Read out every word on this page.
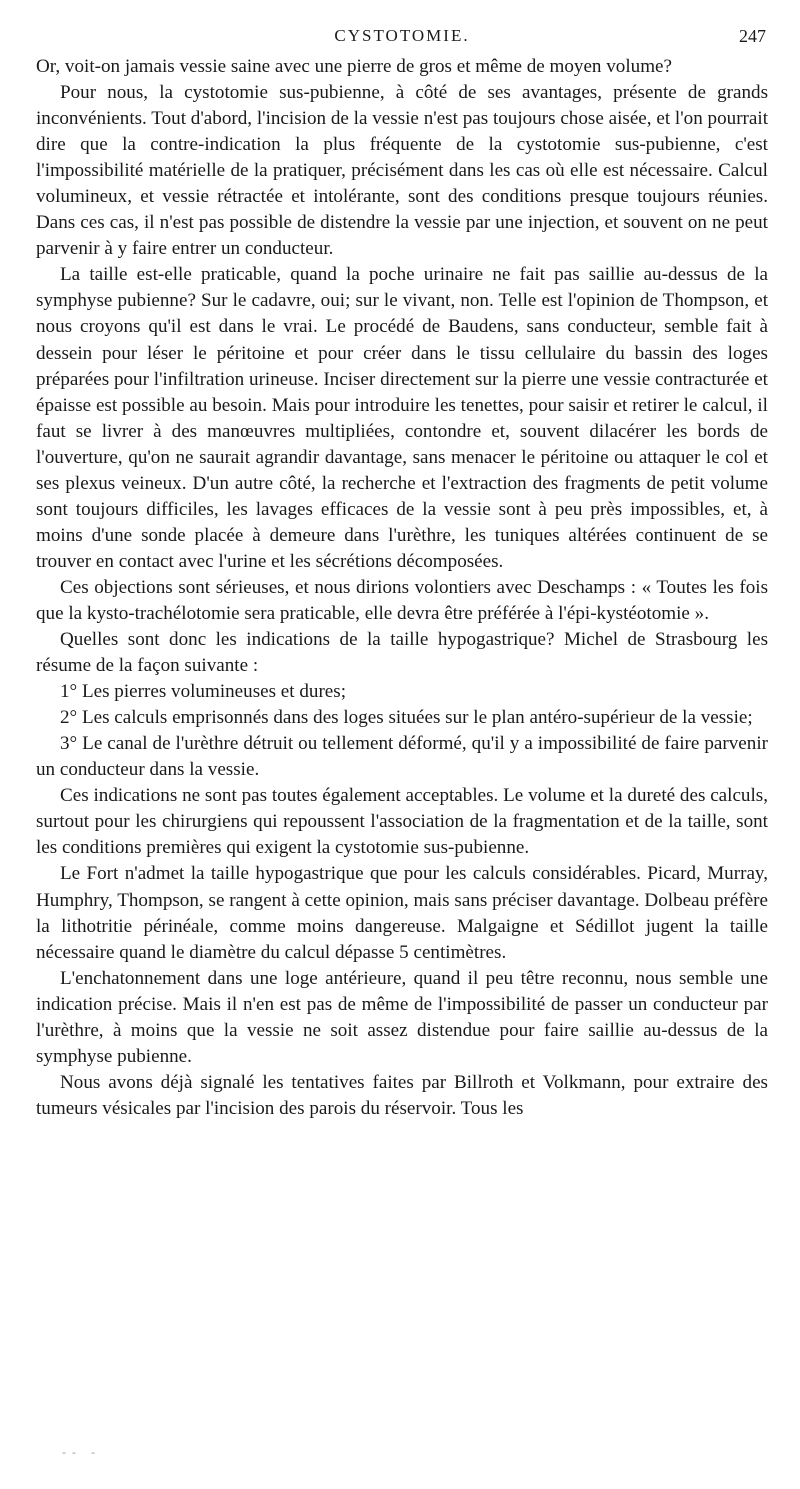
CYSTOTOMIE.	247

Or, voit-on jamais vessie saine avec une pierre de gros et même de moyen volume?

Pour nous, la cystotomie sus-pubienne, à côté de ses avantages, présente de grands inconvénients. Tout d'abord, l'incision de la vessie n'est pas toujours chose aisée, et l'on pourrait dire que la contre-indication la plus fréquente de la cystotomie sus-pubienne, c'est l'impossibilité matérielle de la pratiquer, précisément dans les cas où elle est nécessaire. Calcul volumineux, et vessie rétractée et intolérante, sont des conditions presque toujours réunies. Dans ces cas, il n'est pas possible de distendre la vessie par une injection, et souvent on ne peut parvenir à y faire entrer un conducteur.

La taille est-elle praticable, quand la poche urinaire ne fait pas saillie au-dessus de la symphyse pubienne? Sur le cadavre, oui; sur le vivant, non. Telle est l'opinion de Thompson, et nous croyons qu'il est dans le vrai. Le procédé de Baudens, sans conducteur, semble fait à dessein pour léser le péritoine et pour créer dans le tissu cellulaire du bassin des loges préparées pour l'infiltration urineuse. Inciser directement sur la pierre une vessie contracturée et épaisse est possible au besoin. Mais pour introduire les tenettes, pour saisir et retirer le calcul, il faut se livrer à des manœuvres multipliées, contondre et, souvent dilacérer les bords de l'ouverture, qu'on ne saurait agrandir davantage, sans menacer le péritoine ou attaquer le col et ses plexus veineux. D'un autre côté, la recherche et l'extraction des fragments de petit volume sont toujours difficiles, les lavages efficaces de la vessie sont à peu près impossibles, et, à moins d'une sonde placée à demeure dans l'urèthre, les tuniques altérées continuent de se trouver en contact avec l'urine et les sécrétions décomposées.

Ces objections sont sérieuses, et nous dirions volontiers avec Deschamps : « Toutes les fois que la kysto-trachélotomie sera praticable, elle devra être préférée à l'épi-kystéotomie ».

Quelles sont donc les indications de la taille hypogastrique? Michel de Strasbourg les résume de la façon suivante :

1° Les pierres volumineuses et dures;

2° Les calculs emprisonnés dans des loges situées sur le plan antéro-supérieur de la vessie;

3° Le canal de l'urèthre détruit ou tellement déformé, qu'il y a impossibilité de faire parvenir un conducteur dans la vessie.

Ces indications ne sont pas toutes également acceptables. Le volume et la dureté des calculs, surtout pour les chirurgiens qui repoussent l'association de la fragmentation et de la taille, sont les conditions premières qui exigent la cystotomie sus-pubienne.

Le Fort n'admet la taille hypogastrique que pour les calculs considérables. Picard, Murray, Humphry, Thompson, se rangent à cette opinion, mais sans préciser davantage. Dolbeau préfère la lithotritie périnéale, comme moins dangereuse. Malgaigne et Sédillot jugent la taille nécessaire quand le diamètre du calcul dépasse 5 centimètres.

L'enchatonnement dans une loge antérieure, quand il peu têtre reconnu, nous semble une indication précise. Mais il n'en est pas de même de l'impossibilité de passer un conducteur par l'urèthre, à moins que la vessie ne soit assez distendue pour faire saillie au-dessus de la symphyse pubienne.

Nous avons déjà signalé les tentatives faites par Billroth et Volkmann, pour extraire des tumeurs vésicales par l'incision des parois du réservoir. Tous les

-- -
